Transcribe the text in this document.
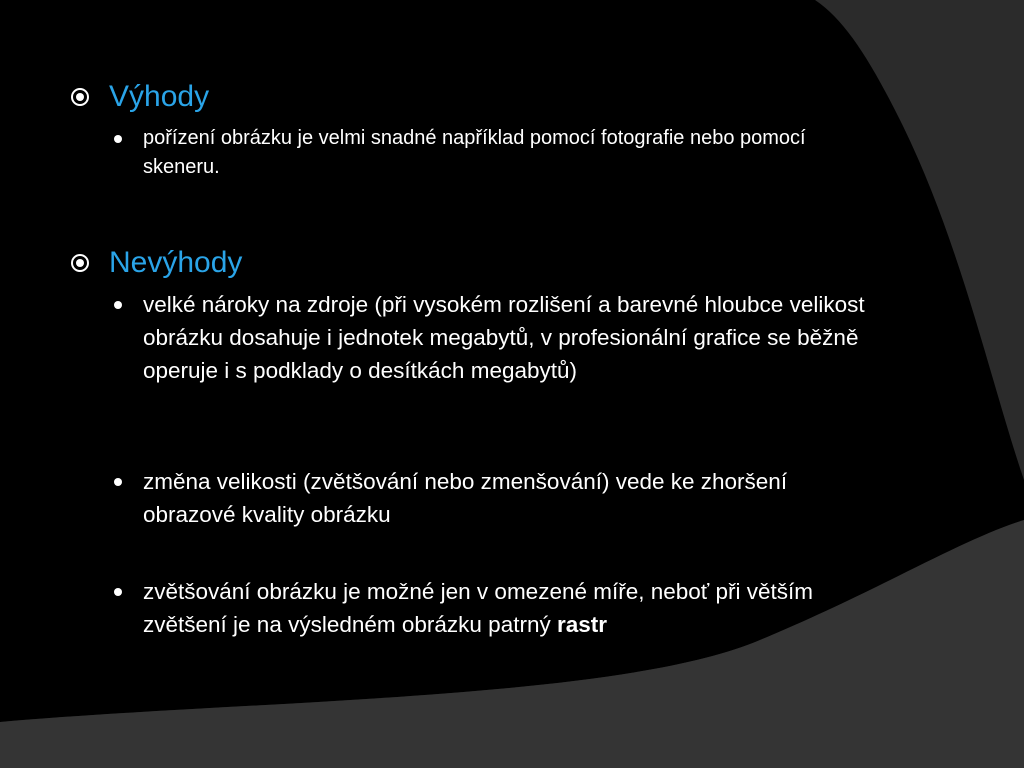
Výhody
pořízení obrázku je velmi snadné například pomocí fotografie nebo pomocí skeneru.
Nevýhody
velké nároky na zdroje (při vysokém rozlišení a barevné hloubce velikost obrázku dosahuje i jednotek megabytů, v profesionální grafice se běžně operuje i s podklady o desítkách megabytů)
změna velikosti (zvětšování nebo zmenšování) vede ke zhoršení obrazové kvality obrázku
zvětšování obrázku je možné jen v omezené míře, neboť při větším zvětšení je na výsledném obrázku patrný rastr
